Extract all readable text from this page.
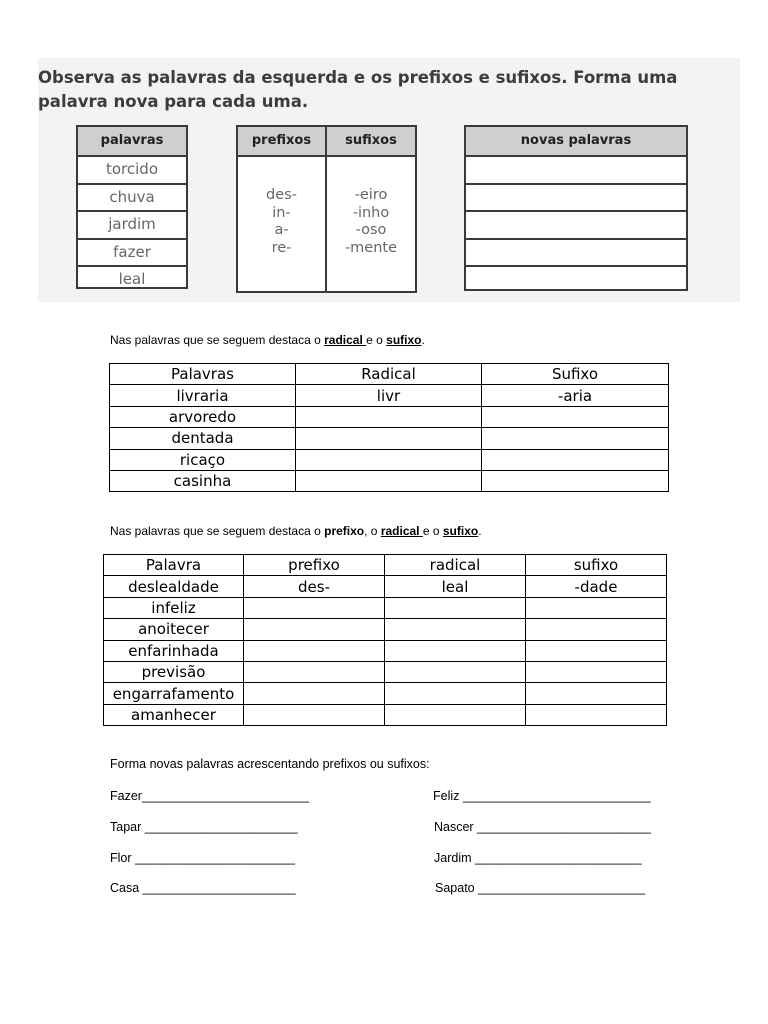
Observa as palavras da esquerda e os prefixos e sufixos. Forma uma palavra nova para cada uma.
palavras
torcido
chuva
jardim
fazer
leal
prefixos
des-
in-
a-
re-
sufixos
-eiro
-inho
-oso
-mente
novas palavras
Nas palavras que se seguem destaca o radical e o sufixo.
Palavras	Radical	Sufixo
livraria	livr	-aria
arvoredo		
dentada		
ricaço		
casinha		
Nas palavras que se seguem destaca o prefixo, o radical e o sufixo.
Palavra	prefixo	radical	sufixo
deslealdade	des-	leal	-dade
infeliz			
anoitecer			
enfarinhada			
previsão			
engarrafamento			
amanhecer			
Forma novas palavras acrescentando prefixos ou sufixos:
Fazer________________________
Tapar ______________________
Flor _______________________
Casa ______________________
Feliz ___________________________
Nascer _________________________
Jardim ________________________
Sapato ________________________
